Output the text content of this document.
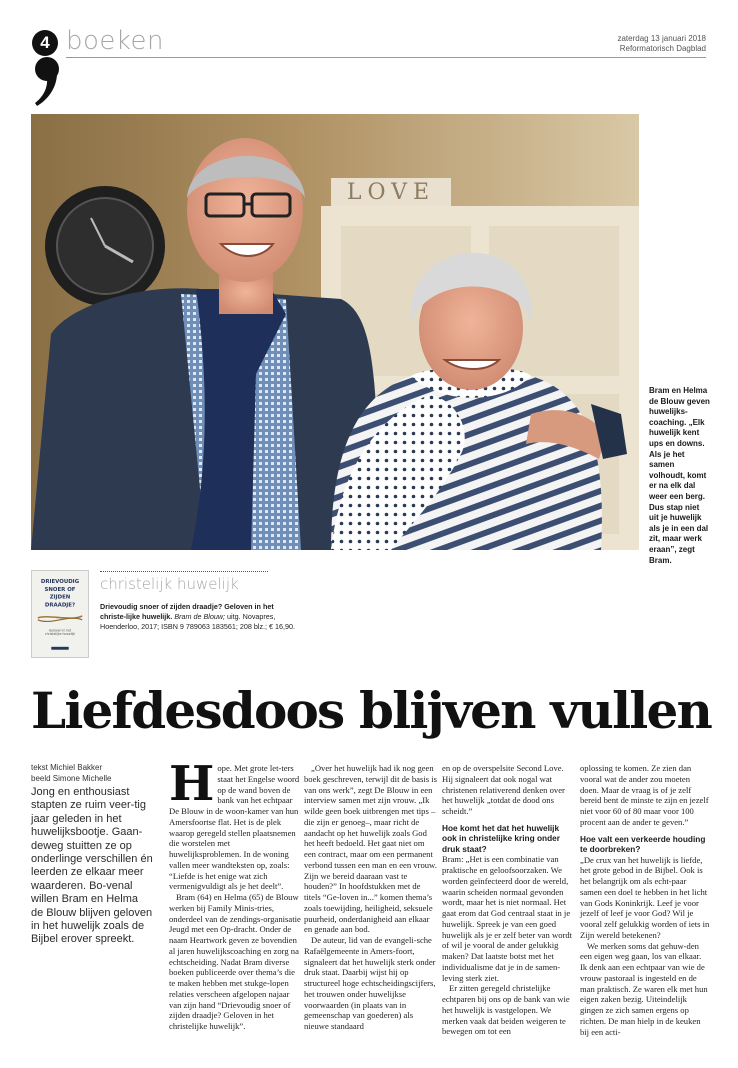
4 boeken	zaterdag 13 januari 2018
Reformatorisch Dagblad
LOVE
Bram en Helma de Blouw geven huwelijks-coaching. „Elk huwelijk kent ups en downs. Als je het samen volhoudt, komt er na elk dal weer een berg. Dus stap niet uit je huwelijk als je in een dal zit, maar werk eraan”, zegt Bram.
DRIEVOUDIG
SNOER OF
ZIJDEN
DRAADJE?
Geloven in het
christelijke huwelijk
christelijk huwelijk
Drievoudig snoer of zijden draadje? Geloven in het christe-lijke huwelijk. Bram de Blouw; uitg. Novapres, Hoenderloo, 2017; ISBN 9 789063 183561; 208 blz.; € 16,90.
Liefdesdoos blijven vullen
tekst Michiel Bakker
beeld Simone Michelle
Jong en enthousiast stapten ze ruim veer-tig jaar geleden in het huwelijksbootje. Gaan-deweg stuitten ze op onderlinge verschillen én leerden ze elkaar meer waarderen. Bo-venal willen Bram en Helma de Blouw blijven geloven in het huwelijk zoals de Bijbel erover spreekt.

Hope. Met grote let-ters staat het Engelse woord op de wand boven de bank van het echtpaar De Blouw in de woon-kamer van hun Amersfoortse flat. Het is de plek waarop geregeld stellen plaatsnemen die worstelen met huwelijksproblemen. In de woning vallen meer wandteksten op, zoals: “Liefde is het enige wat zich vermenigvuldigt als je het deelt”.

Bram (64) en Helma (65) de Blouw werken bij Family Minis-tries, onderdeel van de zendings-organisatie Jeugd met een Op-dracht. Onder de naam Heartwork geven ze bovendien al jaren huwelijkscoaching en zorg na echtscheiding. Nadat Bram diverse boeken publiceerde over thema’s die te maken hebben met stukge-lopen relaties verscheen afgelopen najaar van zijn hand “Drievoudig snoer of zijden draadje? Geloven in het christelijke huwelijk”.

„Over het huwelijk had ik nog geen boek geschreven, terwijl dit de basis is van ons werk”, zegt De Blouw in een interview samen met zijn vrouw. „Ik wilde geen boek uitbrengen met tips –die zijn er genoeg–, maar richt de aandacht op het huwelijk zoals God het heeft bedoeld. Het gaat niet om een contract, maar om een permanent verbond tussen een man en een vrouw. Zijn we bereid daaraan vast te houden?” In hoofdstukken met de titels “Ge-loven in...” komen thema’s zoals toewijding, heiligheid, seksuele puurheid, onderdanigheid aan elkaar en genade aan bod.

De auteur, lid van de evangeli-sche Rafaëlgemeente in Amers-foort, signaleert dat het huwelijk sterk onder druk staat. Daarbij wijst hij op structureel hoge echtscheidingscijfers, het trouwen onder huwelijkse voorwaarden (in plaats van in gemeenschap van goederen) als nieuwe standaard

en op de overspelsite Second Love. Hij signaleert dat ook nogal wat christenen relativerend denken over het huwelijk „totdat de dood ons scheidt.”

Hoe komt het dat het huwelijk ook in christelijke kring onder druk staat?

Bram: „Het is een combinatie van praktische en geloofsoorzaken. We worden geïnfecteerd door de wereld, waarin scheiden normaal gevonden wordt, maar het is niet normaal. Het gaat erom dat God centraal staat in je huwelijk. Spreek je van een goed huwelijk als je er zelf beter van wordt of wil je vooral de ander gelukkig maken? Dat laatste botst met het individualisme dat je in de samen-leving sterk ziet.

Er zitten geregeld christelijke echtparen bij ons op de bank van wie het huwelijk is vastgelopen. We merken vaak dat beiden weigeren te bewegen om tot een

oplossing te komen. Ze zien dan vooral wat de ander zou moeten doen. Maar de vraag is of je zelf bereid bent de minste te zijn en jezelf niet voor 60 of 80 maar voor 100 procent aan de ander te geven.”

Hoe valt een verkeerde houding te doorbreken?

„De crux van het huwelijk is liefde, het grote gebod in de Bijbel. Ook is het belangrijk om als echt-paar samen een doel te hebben in het licht van Gods Koninkrijk. Leef je voor jezelf of leef je voor God? Wil je vooral zelf gelukkig worden of iets in Zijn wereld betekenen?

We merken soms dat gehuw-den een eigen weg gaan, los van elkaar. Ik denk aan een echtpaar van wie de vrouw pastoraal is ingesteld en de man praktisch. Ze waren elk met hun eigen zaken bezig. Uiteindelijk gingen ze zich samen ergens op richten. De man hielp in de keuken bij een acti-
